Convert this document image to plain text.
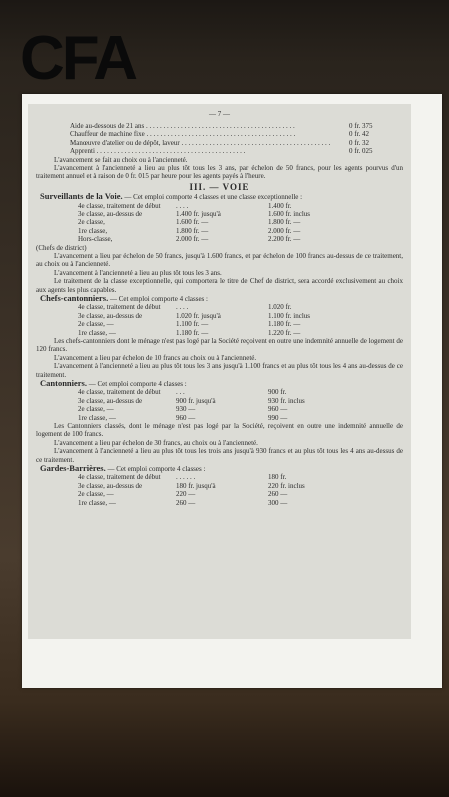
CFA
— 7 —
Aide au-dessous de 21 ans . . .	0 fr. 375
Chauffeur de machine fixe . . .	0 fr. 42
Manœuvre d'atelier ou de dépôt, laveur . . .	0 fr. 32
Apprenti . . .	0 fr. 025

L'avancement se fait au choix ou à l'ancienneté.

L'avancement à l'ancienneté a lieu au plus tôt tous les 3 ans, par échelon de 50 francs, pour les agents pourvus d'un traitement annuel et à raison de 0 fr. 015 par heure pour les agents payés à l'heure.

III. — VOIE

Surveillants de la Voie. — Cet emploi comporte 4 classes et une classe exceptionnelle :

4e classe, traitement de début	. . . .	1.400 fr.
3e classe, au-dessus de	1.400 fr. jusqu'à	1.600 fr. inclus
2e classe,	1.600 fr. —	1.800 fr. —
1re classe,	1.800 fr. —	2.000 fr. —
Hors-classe,	2.000 fr. —	2.200 fr. —
(Chefs de district)

L'avancement a lieu par échelon de 50 francs, jusqu'à 1.600 francs, et par échelon de 100 francs au-dessus de ce traitement, au choix ou à l'ancienneté.

L'avancement à l'ancienneté a lieu au plus tôt tous les 3 ans.

Le traitement de la classe exceptionnelle, qui comportera le titre de Chef de district, sera accordé exclusivement au choix aux agents les plus capables.

Chefs-cantonniers. — Cet emploi comporte 4 classes :

4e classe, traitement de début	. . . .	1.020 fr.
3e classe, au-dessus de	1.020 fr. jusqu'à	1.100 fr. inclus
2e classe, —	1.100 fr. —	1.180 fr. —
1re classe, —	1.180 fr. —	1.220 fr. —

Les chefs-cantonniers dont le ménage n'est pas logé par la Société reçoivent en outre une indemnité annuelle de logement de 120 francs.

L'avancement a lieu par échelon de 10 francs au choix ou à l'ancienneté.

L'avancement à l'ancienneté a lieu au plus tôt tous les 3 ans jusqu'à 1.100 francs et au plus tôt tous les 4 ans au-dessus de ce traitement.

Cantonniers. — Cet emploi comporte 4 classes :

4e classe, traitement de début	. . .	900 fr.
3e classe, au-dessus de	900 fr. jusqu'à	930 fr. inclus
2e classe, —	930 —	960 —
1re classe, —	960 —	990 —

Les Cantonniers classés, dont le ménage n'est pas logé par la Société, reçoivent en outre une indemnité annuelle de logement de 100 francs.

L'avancement a lieu par échelon de 30 francs, au choix ou à l'ancienneté.

L'avancement à l'ancienneté a lieu au plus tôt tous les trois ans jusqu'à 930 francs et au plus tôt tous les 4 ans au-dessus de ce traitement.

Gardes-Barrières. — Cet emploi comporte 4 classes :

4e classe, traitement de début	. . . . . .	180 fr.
3e classe, au-dessus de	180 fr. jusqu'à	220 fr. inclus
2e classe, —	220 —	260 —
1re classe, —	260 —	300 —
